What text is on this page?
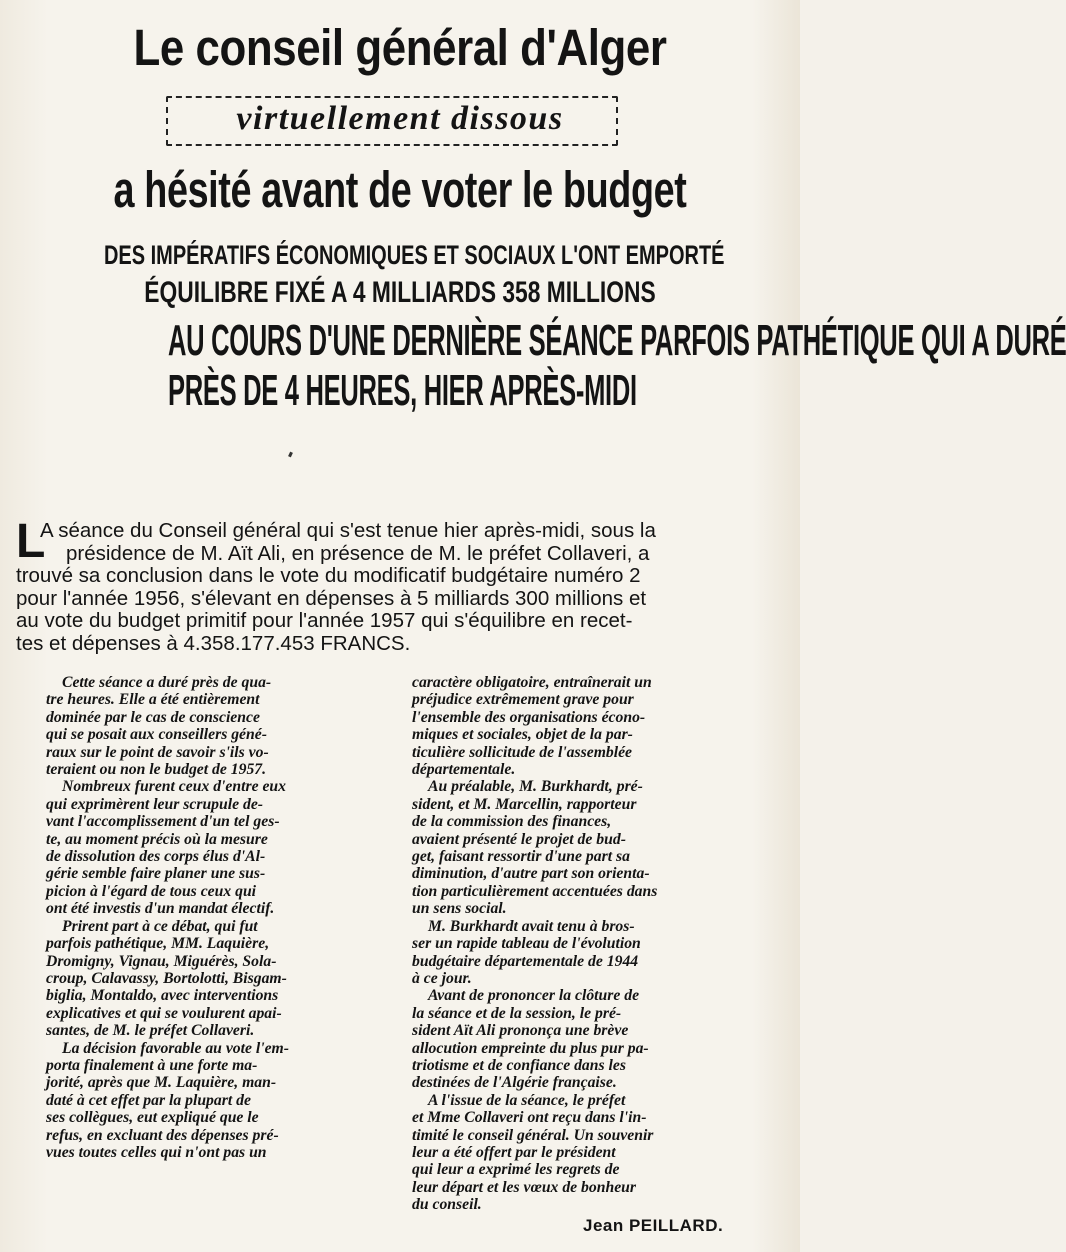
Le conseil général d'Alger
virtuellement dissous
a hésité avant de voter le budget
DES IMPÉRATIFS ÉCONOMIQUES ET SOCIAUX L'ONT EMPORTÉ
ÉQUILIBRE FIXÉ A 4 MILLIARDS 358 MILLIONS
AU COURS D'UNE DERNIÈRE SÉANCE PARFOIS PATHÉTIQUE QUI A DURÉ
PRÈS DE 4 HEURES, HIER APRÈS-MIDI
L
A séance du Conseil général qui s'est tenue hier après-midi, sous la
présidence de M. Aït Ali, en présence de M. le préfet Collaveri, a
trouvé sa conclusion dans le vote du modificatif budgétaire numéro 2
pour l'année 1956, s'élevant en dépenses à 5 milliards 300 millions et
au vote du budget primitif pour l'année 1957 qui s'équilibre en recet-
tes et dépenses à 4.358.177.453 FRANCS.
Cette séance a duré près de qua-
tre heures. Elle a été entièrement
dominée par le cas de conscience
qui se posait aux conseillers géné-
raux sur le point de savoir s'ils vo-
teraient ou non le budget de 1957.
Nombreux furent ceux d'entre eux
qui exprimèrent leur scrupule de-
vant l'accomplissement d'un tel ges-
te, au moment précis où la mesure
de dissolution des corps élus d'Al-
gérie semble faire planer une sus-
picion à l'égard de tous ceux qui
ont été investis d'un mandat électif.
Prirent part à ce débat, qui fut
parfois pathétique, MM. Laquière,
Dromigny, Vignau, Miguérès, Sola-
croup, Calavassy, Bortolotti, Bisgam-
biglia, Montaldo, avec interventions
explicatives et qui se voulurent apai-
santes, de M. le préfet Collaveri.
La décision favorable au vote l'em-
porta finalement à une forte ma-
jorité, après que M. Laquière, man-
daté à cet effet par la plupart de
ses collègues, eut expliqué que le
refus, en excluant des dépenses pré-
vues toutes celles qui n'ont pas un
caractère obligatoire, entraînerait un
préjudice extrêmement grave pour
l'ensemble des organisations écono-
miques et sociales, objet de la par-
ticulière sollicitude de l'assemblée
départementale.
Au préalable, M. Burkhardt, pré-
sident, et M. Marcellin, rapporteur
de la commission des finances,
avaient présenté le projet de bud-
get, faisant ressortir d'une part sa
diminution, d'autre part son orienta-
tion particulièrement accentuées dans
un sens social.
M. Burkhardt avait tenu à bros-
ser un rapide tableau de l'évolution
budgétaire départementale de 1944
à ce jour.
Avant de prononcer la clôture de
la séance et de la session, le pré-
sident Aït Ali prononça une brève
allocution empreinte du plus pur pa-
triotisme et de confiance dans les
destinées de l'Algérie française.
A l'issue de la séance, le préfet
et Mme Collaveri ont reçu dans l'in-
timité le conseil général. Un souvenir
leur a été offert par le président
qui leur a exprimé les regrets de
leur départ et les vœux de bonheur
du conseil.
Jean PEILLARD.
